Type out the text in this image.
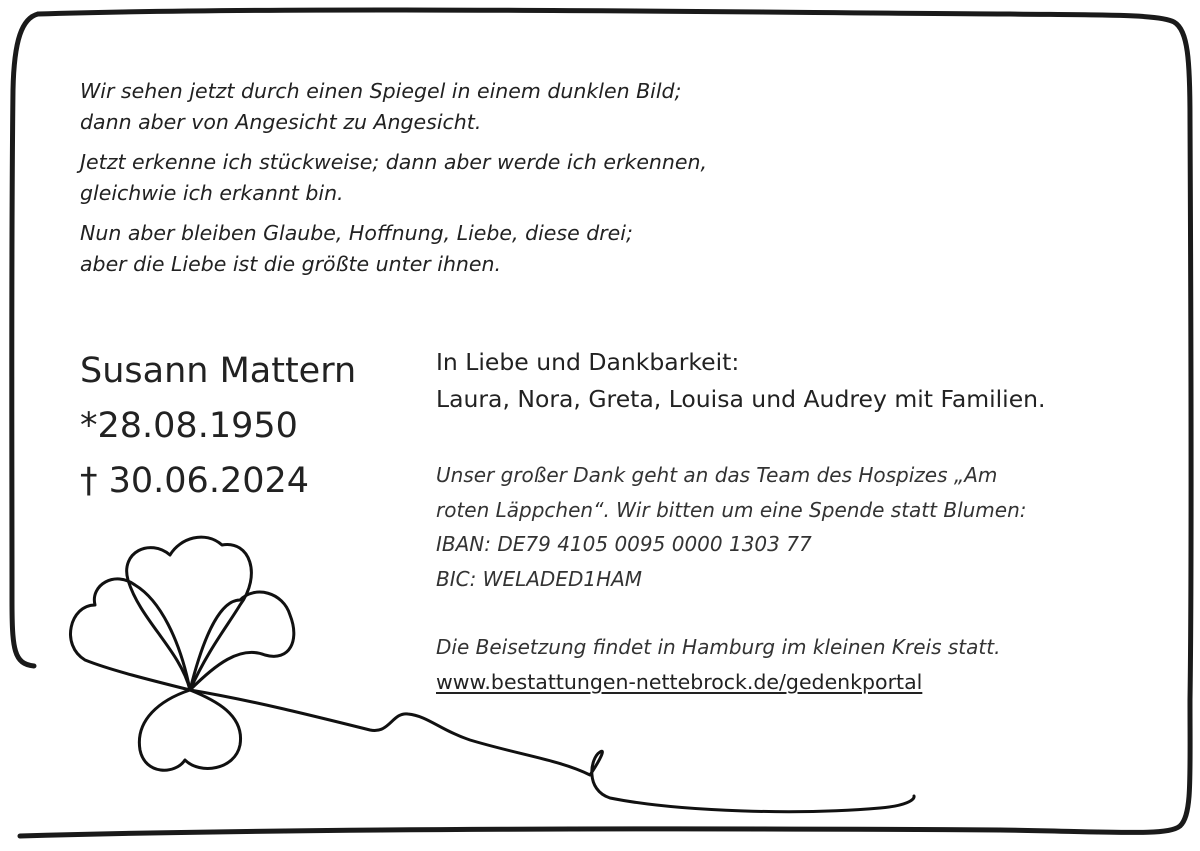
Wir sehen jetzt durch einen Spiegel in einem dunklen Bild;
dann aber von Angesicht zu Angesicht.

Jetzt erkenne ich stückweise; dann aber werde ich erkennen,
gleichwie ich erkannt bin.

Nun aber bleiben Glaube, Hoffnung, Liebe, diese drei;
aber die Liebe ist die größte unter ihnen.

Susann Mattern
*28.08.1950
† 30.06.2024
In Liebe und Dankbarkeit:
Laura, Nora, Greta, Louisa und Audrey mit Familien.
Unser großer Dank geht an das Team des Hospizes „Am
roten Läppchen“. Wir bitten um eine Spende statt Blumen:
IBAN: DE79 4105 0095 0000 1303 77
BIC: WELADED1HAM
Die Beisetzung findet in Hamburg im kleinen Kreis statt.
www.bestattungen-nettebrock.de/gedenkportal
